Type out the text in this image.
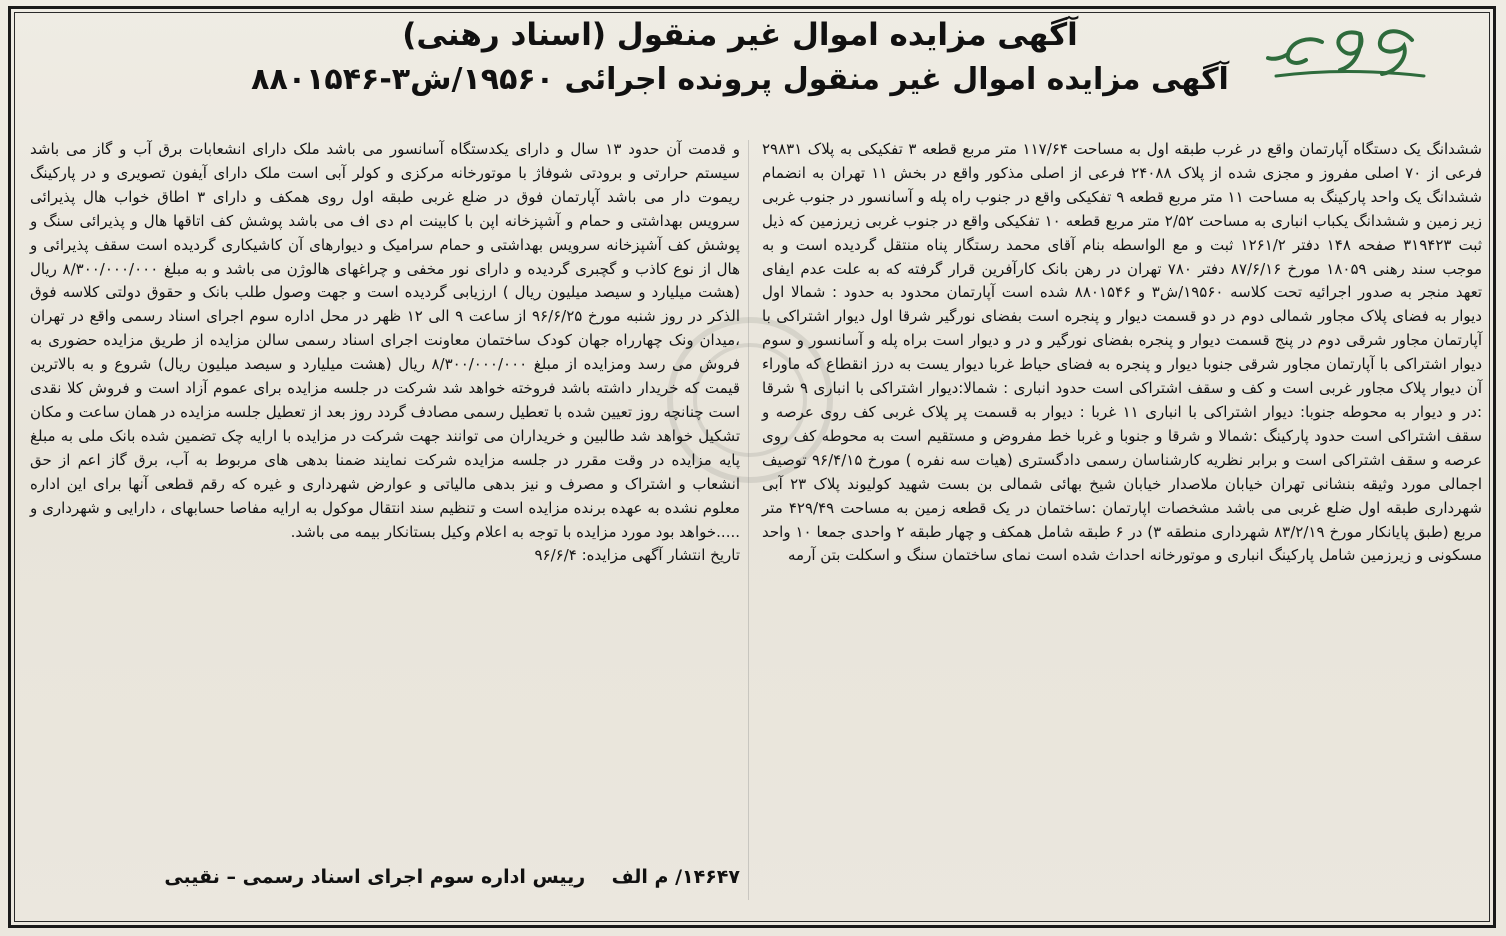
آگهی مزایده اموال غیر منقول (اسناد رهنی)
آگهی مزایده اموال غیر منقول پرونده اجرائی ۱۹۵۶۰/ش۳-۸۸۰۱۵۴۶
ششدانگ یک دستگاه آپارتمان واقع در غرب طبقه اول به مساحت ۱۱۷/۶۴ متر مربع قطعه ۳ تفکیکی به پلاک ۲۹۸۳۱ فرعی از ۷۰ اصلی مفروز و مجزی شده از پلاک ۲۴۰۸۸ فرعی از اصلی مذکور واقع در بخش ۱۱ تهران به انضمام ششدانگ یک واحد پارکینگ به مساحت ۱۱ متر مربع قطعه ۹ تفکیکی واقع در جنوب راه پله و آسانسور در جنوب غربی زیر زمین و ششدانگ یکباب انباری به مساحت ۲/۵۲ متر مربع قطعه ۱۰ تفکیکی واقع در جنوب غربی زیرزمین که ذیل ثبت ۳۱۹۴۲۳ صفحه ۱۴۸ دفتر ۱۲۶۱/۲ ثبت و مع الواسطه بنام آقای محمد رستگار پناه منتقل گردیده است و به موجب سند رهنی ۱۸۰۵۹ مورخ ۸۷/۶/۱۶ دفتر ۷۸۰ تهران در رهن بانک کارآفرین قرار گرفته که به علت عدم ایفای تعهد منجر به صدور اجرائیه تحت کلاسه ۱۹۵۶۰/ش۳ و ۸۸۰۱۵۴۶ شده است آپارتمان محدود به حدود : شمالا اول دیوار به فضای پلاک مجاور شمالی دوم در دو قسمت دیوار و پنجره است بفضای نورگیر شرقا اول دیوار اشتراکی با آپارتمان مجاور شرقی دوم در پنج قسمت دیوار و پنجره بفضای نورگیر و در و دیوار است براه پله و آسانسور و سوم دیوار اشتراکی با آپارتمان مجاور شرقی جنوبا دیوار و پنجره به فضای حیاط غربا دیوار یست به درز انقطاع که ماوراء آن دیوار پلاک مجاور غربی است و کف و سقف اشتراکی است حدود انباری : شمالا:دیوار اشتراکی با انباری ۹ شرقا :در و دیوار به محوطه جنوبا: دیوار اشتراکی با انباری ۱۱ غربا : دیوار به قسمت پر پلاک غربی کف روی عرصه و سقف اشتراکی است حدود پارکینگ :شمالا و شرقا و جنوبا و غربا خط مفروض و مستقیم است به محوطه کف روی عرصه و سقف اشتراکی است و برابر نظریه کارشناسان رسمی دادگستری (هیات سه نفره ) مورخ ۹۶/۴/۱۵ توصیف اجمالی مورد وثیقه بنشانی تهران خیابان ملاصدار خیابان شیخ بهائی شمالی بن بست شهید کولیوند پلاک ۲۳ آبی شهرداری طبقه اول ضلع غربی می باشد مشخصات اپارتمان :ساختمان در یک قطعه زمین به مساحت ۴۲۹/۴۹ متر مربع (طبق پایانکار مورخ ۸۳/۲/۱۹ شهرداری منطقه ۳) در ۶ طبقه شامل همکف و چهار طبقه ۲ واحدی جمعا ۱۰ واحد مسکونی و زیرزمین شامل پارکینگ انباری و موتورخانه احداث شده است نمای ساختمان سنگ و اسکلت بتن آرمه
و قدمت آن حدود ۱۳ سال و دارای یکدستگاه آسانسور می باشد ملک دارای انشعابات برق آب و گاز می باشد سیستم حرارتی و برودتی شوفاژ با موتورخانه مرکزی و کولر آبی است ملک دارای آیفون تصویری و در پارکینگ ریموت دار می باشد آپارتمان فوق در ضلع غربی طبقه اول روی همکف و دارای ۳ اطاق خواب هال پذیرائی سرویس بهداشتی و حمام و آشپزخانه اپن با کابینت ام دی اف می باشد پوشش کف اتاقها هال و پذیرائی سنگ و پوشش کف آشپزخانه سرویس بهداشتی و حمام سرامیک و دیوارهای آن کاشیکاری گردیده است سقف پذیرائی و هال از نوع کاذب و گچبری گردیده و دارای نور مخفی و چراغهای هالوژن می باشد و به مبلغ ۸/۳۰۰/۰۰۰/۰۰۰ ریال (هشت میلیارد و سیصد میلیون ریال ) ارزیابی گردیده است و جهت وصول طلب بانک و حقوق دولتی کلاسه فوق الذکر در روز شنبه مورخ ۹۶/۶/۲۵ از ساعت ۹ الی ۱۲ ظهر در محل اداره سوم اجرای اسناد رسمی واقع در تهران ،میدان ونک چهارراه جهان کودک ساختمان معاونت اجرای اسناد رسمی سالن مزایده از طریق مزایده حضوری به فروش می رسد ومزایده از مبلغ ۸/۳۰۰/۰۰۰/۰۰۰ ریال (هشت میلیارد و سیصد میلیون ریال) شروع و به بالاترین قیمت که خریدار داشته باشد فروخته خواهد شد شرکت در جلسه مزایده برای عموم آزاد است و فروش کلا نقدی است چنانچه روز تعیین شده با تعطیل رسمی مصادف گردد روز بعد از تعطیل جلسه مزایده در همان ساعت و مکان تشکیل خواهد شد طالبین و خریداران می توانند جهت شرکت در مزایده با ارایه چک تضمین شده بانک ملی به مبلغ پایه مزایده در وقت مقرر در جلسه مزایده شرکت نمایند ضمنا بدهی های مربوط به آب، برق گاز اعم از حق انشعاب و اشتراک و مصرف و نیز بدهی مالیاتی و عوارض شهرداری و غیره که رقم قطعی آنها برای این اداره معلوم نشده به عهده برنده مزایده است و تنظیم سند انتقال موکول به ارایه مفاصا حسابهای ، دارایی و شهرداری و .....خواهد بود مورد مزایده با توجه به اعلام وکیل بستانکار بیمه می باشد.
تاریخ انتشار آگهی مزایده: ۹۶/۶/۴
۱۴۶۴۷/ م الف    رییس اداره سوم اجرای اسناد رسمی – نقیبی
